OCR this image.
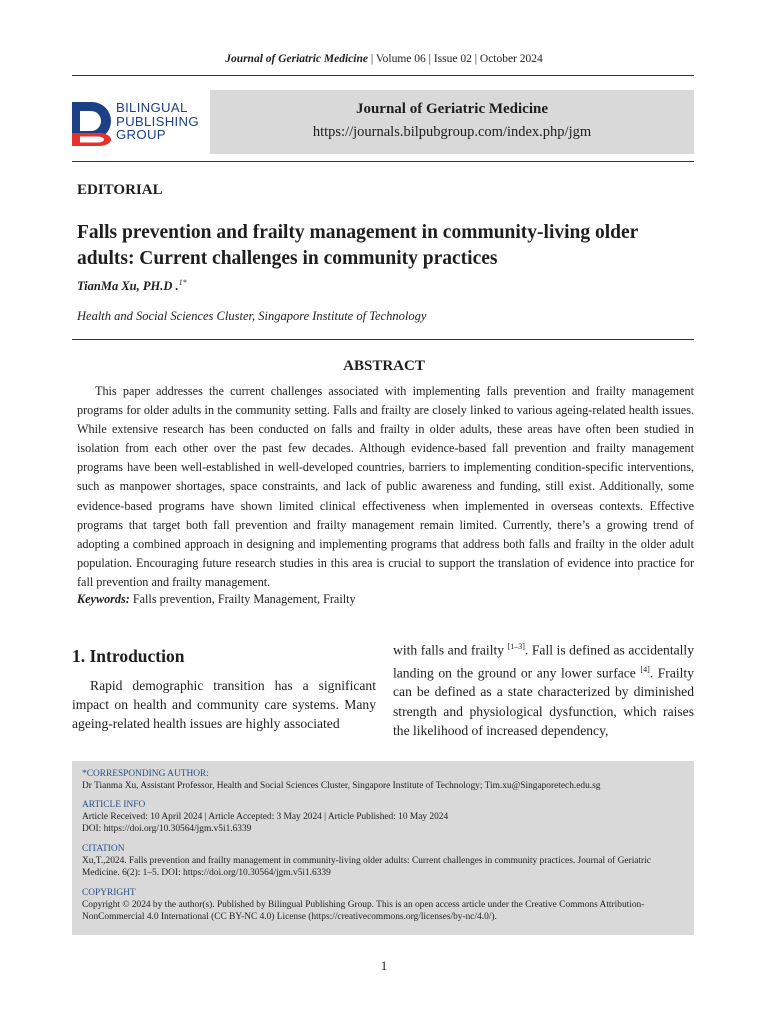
Journal of Geriatric Medicine | Volume 06 | Issue 02 | October 2024
BILINGUAL
PUBLISHING
GROUP
Journal of Geriatric Medicine
https://journals.bilpubgroup.com/index.php/jgm
EDITORIAL
Falls prevention and frailty management in community-living older adults: Current challenges in community practices
TianMa Xu, PH.D .$^{1*}$
Health and Social Sciences Cluster, Singapore Institute of Technology
ABSTRACT

This paper addresses the current challenges associated with implementing falls prevention and frailty management programs for older adults in the community setting. Falls and frailty are closely linked to various ageing-related health issues. While extensive research has been conducted on falls and frailty in older adults, these areas have often been studied in isolation from each other over the past few decades. Although evidence-based fall prevention and frailty management programs have been well-established in well-developed countries, barriers to implementing condition-specific interventions, such as manpower shortages, space constraints, and lack of public awareness and funding, still exist. Additionally, some evidence-based programs have shown limited clinical effectiveness when implemented in overseas contexts. Effective programs that target both fall prevention and frailty management remain limited. Currently, there’s a growing trend of adopting a combined approach in designing and implementing programs that address both falls and frailty in the older adult population. Encouraging future research studies in this area is crucial to support the translation of evidence into practice for fall prevention and frailty management.

Keywords: Falls prevention, Frailty Management, Frailty
1. Introduction

Rapid demographic transition has a significant impact on health and community care systems. Many ageing-related health issues are highly associated

with falls and frailty [1–3]. Fall is defined as accidentally landing on the ground or any lower surface [4]. Frailty can be defined as a state characterized by diminished strength and physiological dysfunction, which raises the likelihood of increased dependency,

*CORRESPONDING AUTHOR:
Dr Tianma Xu, Assistant Professor, Health and Social Sciences Cluster, Singapore Institute of Technology; Tim.xu@Singaporetech.edu.sg
ARTICLE INFO
Article Received: 10 April 2024 | Article Accepted: 3 May 2024 | Article Published: 10 May 2024
DOI: https://doi.org/10.30564/jgm.v5i1.6339
CITATION
Xu,T.,2024. Falls prevention and frailty management in community-living older adults: Current challenges in community practices. Journal of Geriatric Medicine. 6(2): 1–5. DOI: https://doi.org/10.30564/jgm.v5i1.6339
COPYRIGHT
Copyright © 2024 by the author(s). Published by Bilingual Publishing Group. This is an open access article under the Creative Commons Attribution-NonCommercial 4.0 International (CC BY-NC 4.0) License (https://creativecommons.org/licenses/by-nc/4.0/).
1
